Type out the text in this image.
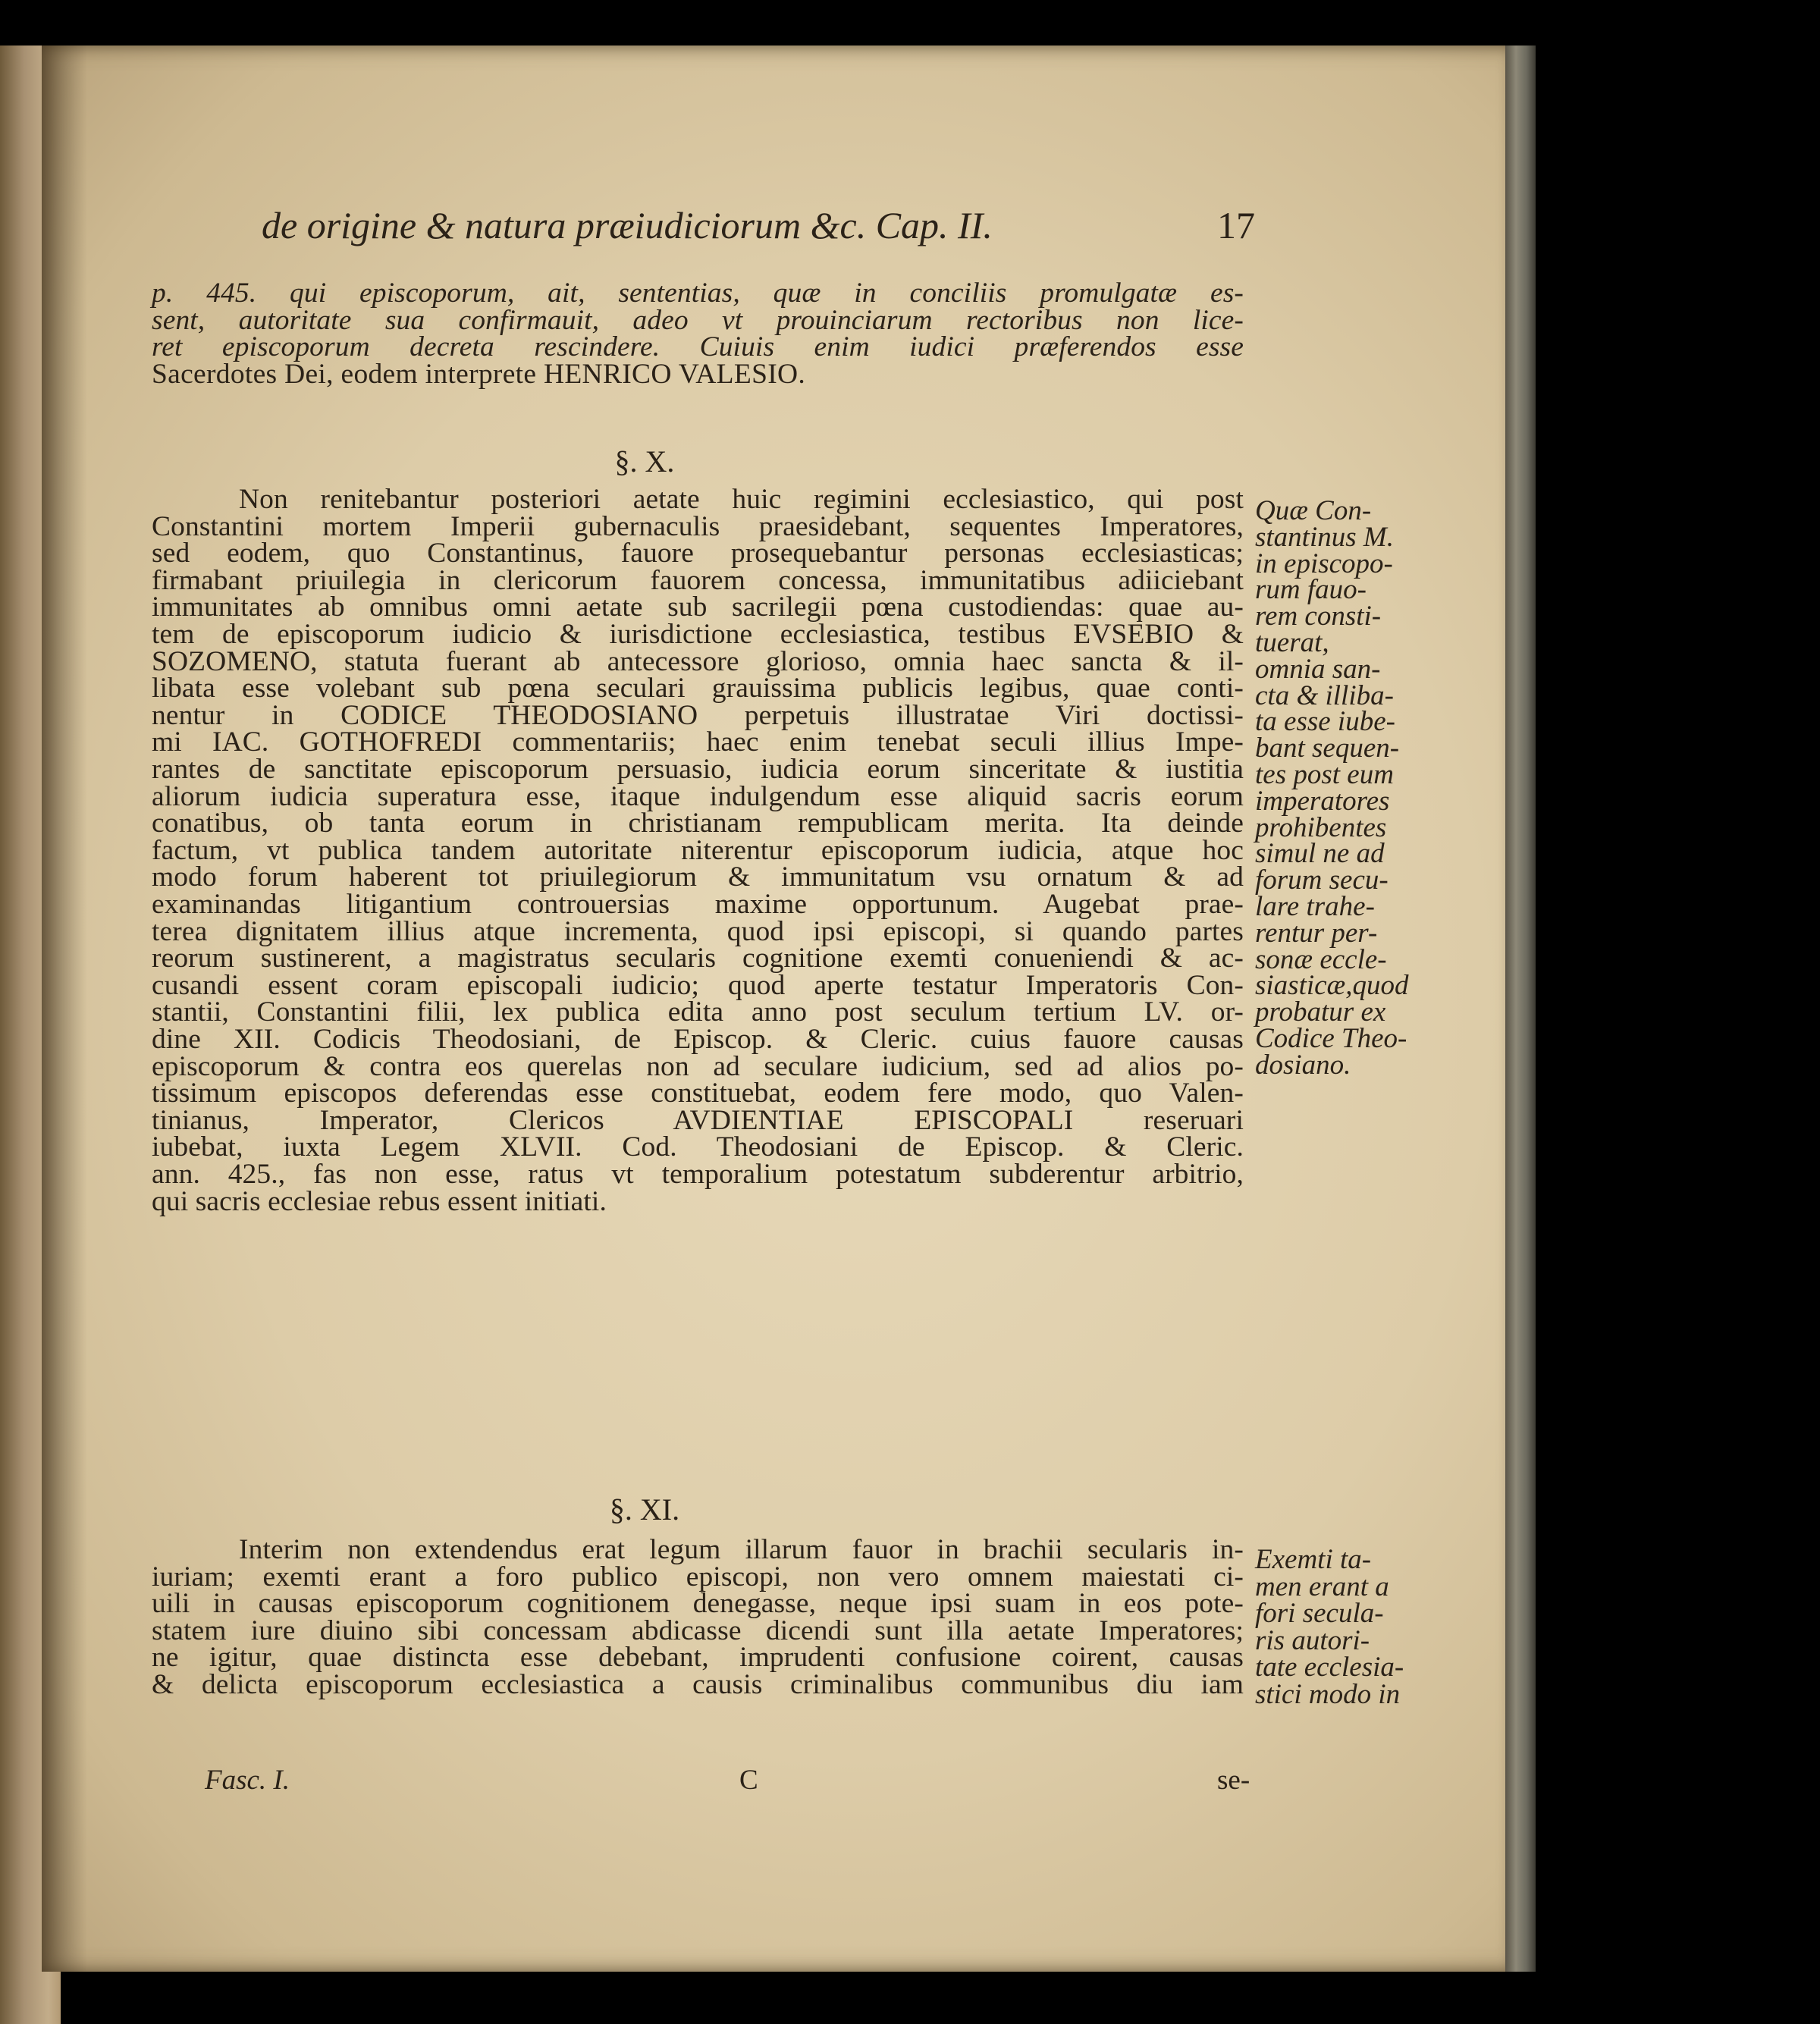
de origine & natura præiudiciorum &c. Cap. II.	17
p. 445. qui episcoporum, ait, sententias, quæ in conciliis promulgatæ es-
sent, autoritate sua confirmauit, adeo vt prouinciarum rectoribus non lice-
ret episcoporum decreta rescindere. Cuiuis enim iudici præferendos esse
Sacerdotes Dei, eodem interprete HENRICO VALESIO.
§. X.
Non renitebantur posteriori aetate huic regimini ecclesiastico, qui post
Constantini mortem Imperii gubernaculis praesidebant, sequentes Imperatores,
sed eodem, quo Constantinus, fauore prosequebantur personas ecclesiasticas;
firmabant priuilegia in clericorum fauorem concessa, immunitatibus adiiciebant
immunitates ab omnibus omni aetate sub sacrilegii pœna custodiendas: quae au-
tem de episcoporum iudicio & iurisdictione ecclesiastica, testibus EVSEBIO &
SOZOMENO, statuta fuerant ab antecessore glorioso, omnia haec sancta & il-
libata esse volebant sub pœna seculari grauissima publicis legibus, quae conti-
nentur in CODICE THEODOSIANO perpetuis illustratae Viri doctissi-
mi IAC. GOTHOFREDI commentariis; haec enim tenebat seculi illius Impe-
rantes de sanctitate episcoporum persuasio, iudicia eorum sinceritate & iustitia
aliorum iudicia superatura esse, itaque indulgendum esse aliquid sacris eorum
conatibus, ob tanta eorum in christianam rempublicam merita. Ita deinde
factum, vt publica tandem autoritate niterentur episcoporum iudicia, atque hoc
modo forum haberent tot priuilegiorum & immunitatum vsu ornatum & ad
examinandas litigantium controuersias maxime opportunum. Augebat prae-
terea dignitatem illius atque incrementa, quod ipsi episcopi, si quando partes
reorum sustinerent, a magistratus secularis cognitione exemti conueniendi & ac-
cusandi essent coram episcopali iudicio; quod aperte testatur Imperatoris Con-
stantii, Constantini filii, lex publica edita anno post seculum tertium LV. or-
dine XII. Codicis Theodosiani, de Episcop. & Cleric. cuius fauore causas
episcoporum & contra eos querelas non ad seculare iudicium, sed ad alios po-
tissimum episcopos deferendas esse constituebat, eodem fere modo, quo Valen-
tinianus, Imperator, Clericos AVDIENTIAE EPISCOPALI reseruari
iubebat, iuxta Legem XLVII. Cod. Theodosiani de Episcop. & Cleric.
ann. 425., fas non esse, ratus vt temporalium potestatum subderentur arbitrio,
qui sacris ecclesiae rebus essent initiati.
Quæ Con-
stantinus M.
in episcopo-
rum fauo-
rem consti-
tuerat,
omnia san-
cta & illiba-
ta esse iube-
bant sequen-
tes post eum
imperatores
prohibentes
simul ne ad
forum secu-
lare trahe-
rentur per-
sonæ eccle-
siasticæ,quod
probatur ex
Codice Theo-
dosiano.
§. XI.
Interim non extendendus erat legum illarum fauor in brachii secularis in-
iuriam; exemti erant a foro publico episcopi, non vero omnem maiestati ci-
uili in causas episcoporum cognitionem denegasse, neque ipsi suam in eos pote-
statem iure diuino sibi concessam abdicasse dicendi sunt illa aetate Imperatores;
ne igitur, quae distincta esse debebant, imprudenti confusione coirent, causas
& delicta episcoporum ecclesiastica a causis criminalibus communibus diu iam
Exemti ta-
men erant a
fori secula-
ris autori-
tate ecclesia-
stici modo in
Fasc. I.	C	se-
